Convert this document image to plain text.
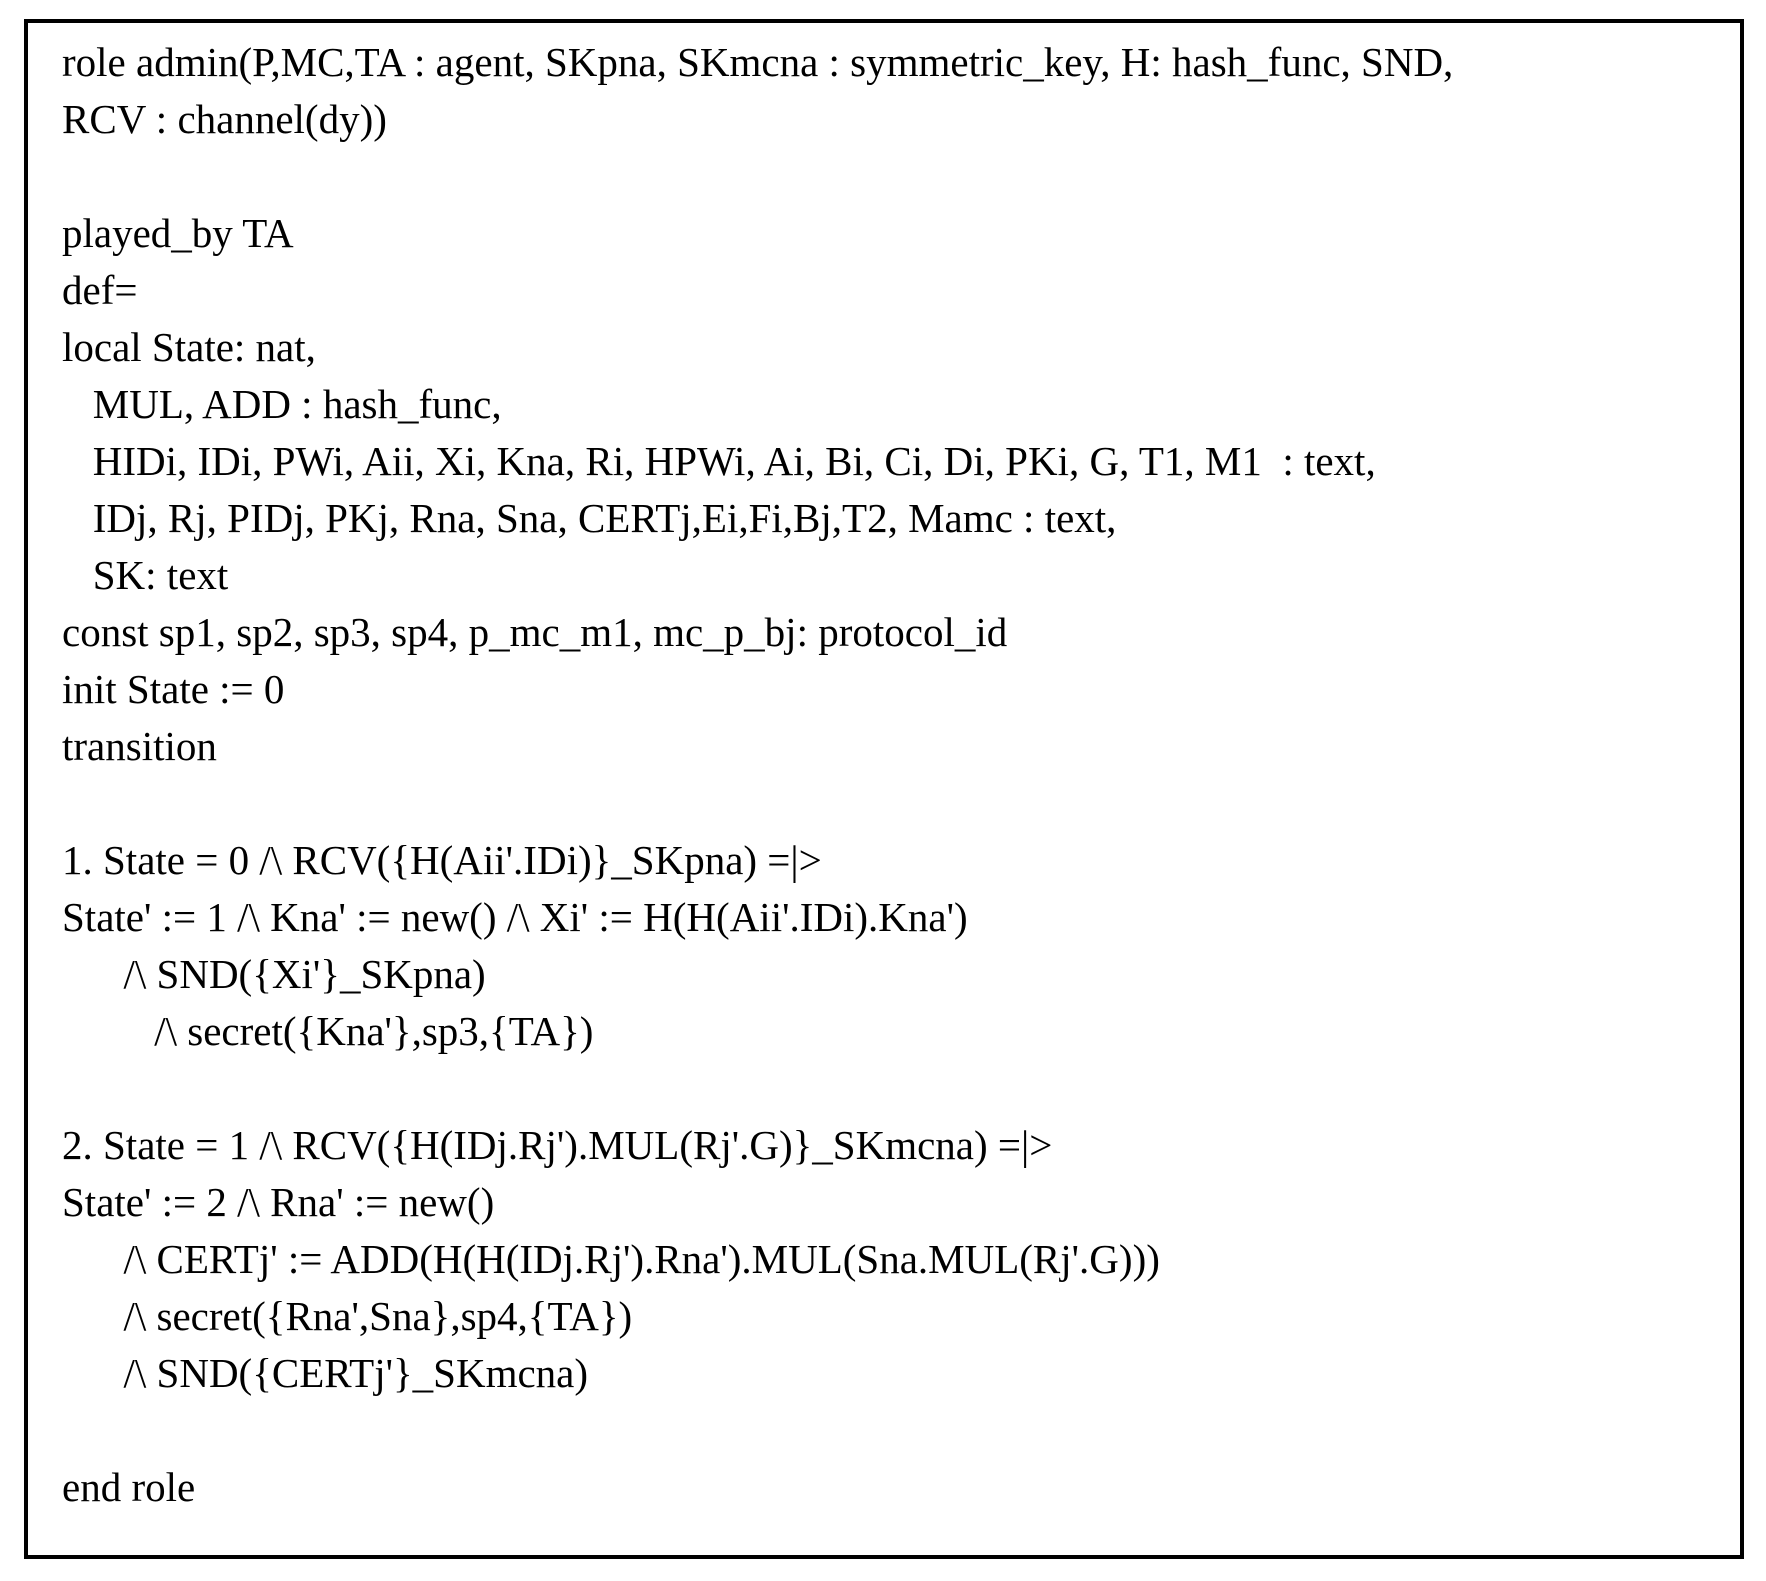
role admin(P,MC,TA : agent, SKpna, SKmcna : symmetric_key, H: hash_func, SND,
RCV : channel(dy))
played_by TA
def=
local State: nat,
MUL, ADD : hash_func,
HIDi, IDi, PWi, Aii, Xi, Kna, Ri, HPWi, Ai, Bi, Ci, Di, PKi, G, T1, M1  : text,
IDj, Rj, PIDj, PKj, Rna, Sna, CERTj,Ei,Fi,Bj,T2, Mamc : text,
SK: text
const sp1, sp2, sp3, sp4, p_mc_m1, mc_p_bj: protocol_id
init State := 0
transition
1. State = 0 /\ RCV({H(Aii'.IDi)}_SKpna) =|>
State' := 1 /\ Kna' := new() /\ Xi' := H(H(Aii'.IDi).Kna')
/\ SND({Xi'}_SKpna)
/\ secret({Kna'},sp3,{TA})
2. State = 1 /\ RCV({H(IDj.Rj').MUL(Rj'.G)}_SKmcna) =|>
State' := 2 /\ Rna' := new()
/\ CERTj' := ADD(H(H(IDj.Rj').Rna').MUL(Sna.MUL(Rj'.G)))
/\ secret({Rna',Sna},sp4,{TA})
/\ SND({CERTj'}_SKmcna)
end role
